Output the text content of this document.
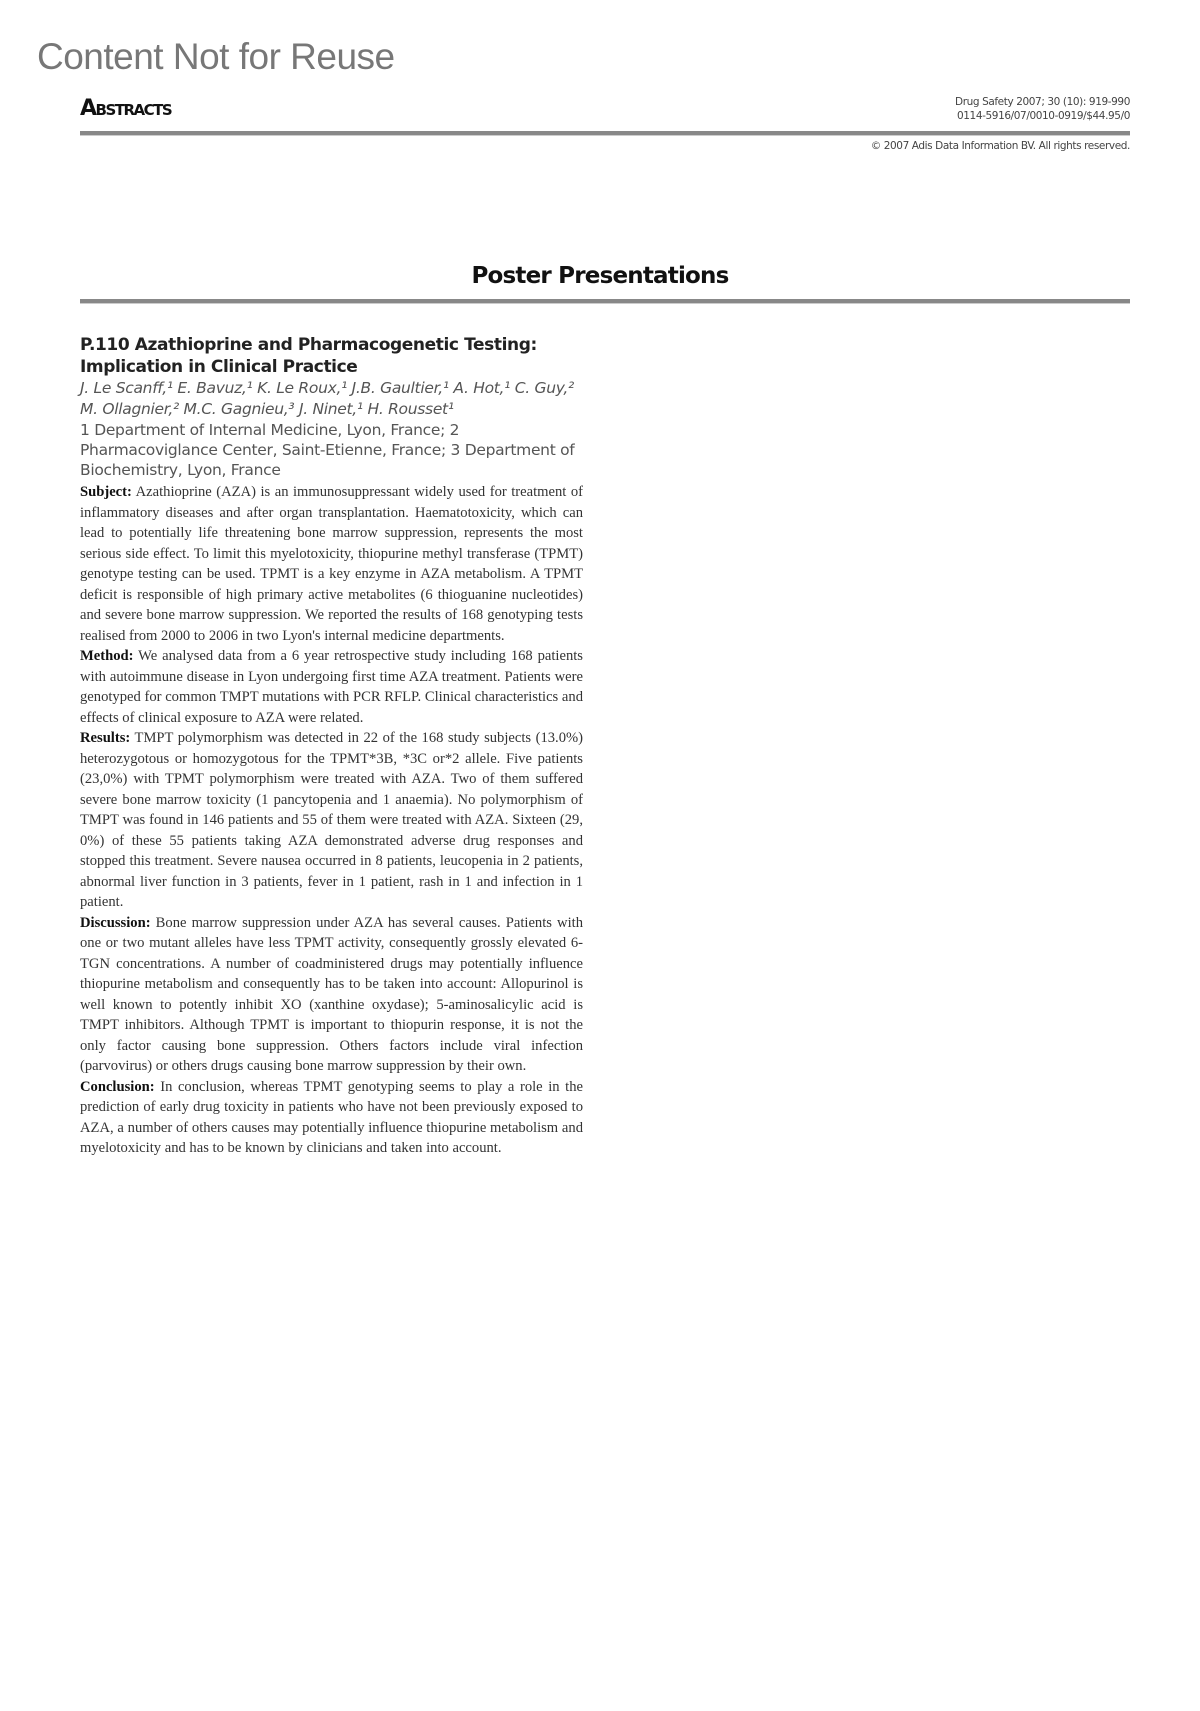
Content Not for Reuse
Abstracts	Drug Safety 2007; 30 (10): 919-990
0114-5916/07/0010-0919/$44.95/0
© 2007 Adis Data Information BV. All rights reserved.
Poster Presentations
P.110 Azathioprine and Pharmacogenetic Testing: Implication in Clinical Practice
J. Le Scanff,¹ E. Bavuz,¹ K. Le Roux,¹ J.B. Gaultier,¹ A. Hot,¹ C. Guy,² M. Ollagnier,² M.C. Gagnieu,³ J. Ninet,¹ H. Rousset¹
1 Department of Internal Medicine, Lyon, France; 2 Pharmacoviglance Center, Saint-Etienne, France; 3 Department of Biochemistry, Lyon, France

Subject: Azathioprine (AZA) is an immunosuppressant widely used for treatment of inflammatory diseases and after organ transplantation. Haematotoxicity, which can lead to potentially life threatening bone marrow suppression, represents the most serious side effect. To limit this myelotoxicity, thiopurine methyl transferase (TPMT) genotype testing can be used. TPMT is a key enzyme in AZA metabolism. A TPMT deficit is responsible of high primary active metabolites (6 thioguanine nucleotides) and severe bone marrow suppression. We reported the results of 168 genotyping tests realised from 2000 to 2006 in two Lyon's internal medicine departments.

Method: We analysed data from a 6 year retrospective study including 168 patients with autoimmune disease in Lyon undergoing first time AZA treatment. Patients were genotyped for common TMPT mutations with PCR RFLP. Clinical characteristics and effects of clinical exposure to AZA were related.

Results: TMPT polymorphism was detected in 22 of the 168 study subjects (13.0%) heterozygotous or homozygotous for the TPMT*3B, *3C or*2 allele. Five patients (23,0%) with TPMT polymorphism were treated with AZA. Two of them suffered severe bone marrow toxicity (1 pancytopenia and 1 anaemia). No polymorphism of TMPT was found in 146 patients and 55 of them were treated with AZA. Sixteen (29, 0%) of these 55 patients taking AZA demonstrated adverse drug responses and stopped this treatment. Severe nausea occurred in 8 patients, leucopenia in 2 patients, abnormal liver function in 3 patients, fever in 1 patient, rash in 1 and infection in 1 patient.

Discussion: Bone marrow suppression under AZA has several causes. Patients with one or two mutant alleles have less TPMT activity, consequently grossly elevated 6-TGN concentrations. A number of coadministered drugs may potentially influence thiopurine metabolism and consequently has to be taken into account: Allopurinol is well known to potently inhibit XO (xanthine oxydase); 5-aminosalicylic acid is TMPT inhibitors. Although TPMT is important to thiopurin response, it is not the only factor causing bone suppression. Others factors include viral infection (parvovirus) or others drugs causing bone marrow suppression by their own.

Conclusion: In conclusion, whereas TPMT genotyping seems to play a role in the prediction of early drug toxicity in patients who have not been previously exposed to AZA, a number of others causes may potentially influence thiopurine metabolism and myelotoxicity and has to be known by clinicians and taken into account.
